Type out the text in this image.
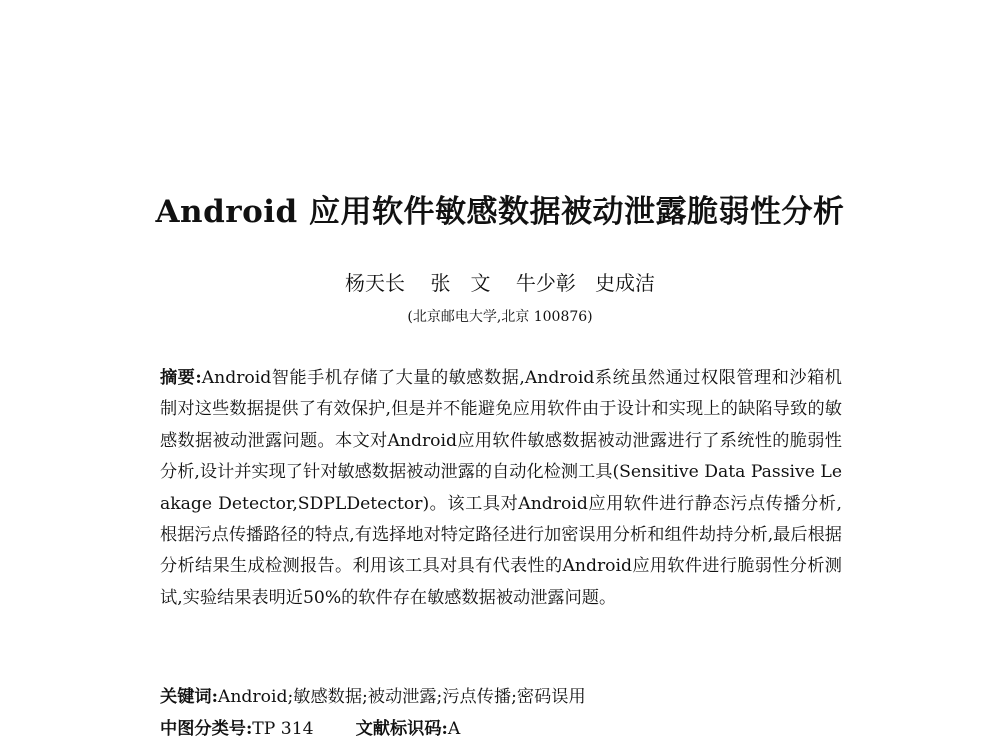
Android 应用软件敏感数据被动泄露脆弱性分析
杨天长 张　文 牛少彰 史成洁
(北京邮电大学,北京 100876)

摘要:Android智能手机存储了大量的敏感数据,Android系统虽然通过权限管理和沙箱机制对这些数据提供了有效保护,但是并不能避免应用软件由于设计和实现上的缺陷导致的敏感数据被动泄露问题。本文对Android应用软件敏感数据被动泄露进行了系统性的脆弱性分析,设计并实现了针对敏感数据被动泄露的自动化检测工具(Sensitive Data Passive Leakage Detector,SDPLDetector)。该工具对Android应用软件进行静态污点传播分析,根据污点传播路径的特点,有选择地对特定路径进行加密误用分析和组件劫持分析,最后根据分析结果生成检测报告。利用该工具对具有代表性的Android应用软件进行脆弱性分析测试,实验结果表明近50%的软件存在敏感数据被动泄露问题。

关键词:Android;敏感数据;被动泄露;污点传播;密码误用
中图分类号:TP 314 文献标识码:A
